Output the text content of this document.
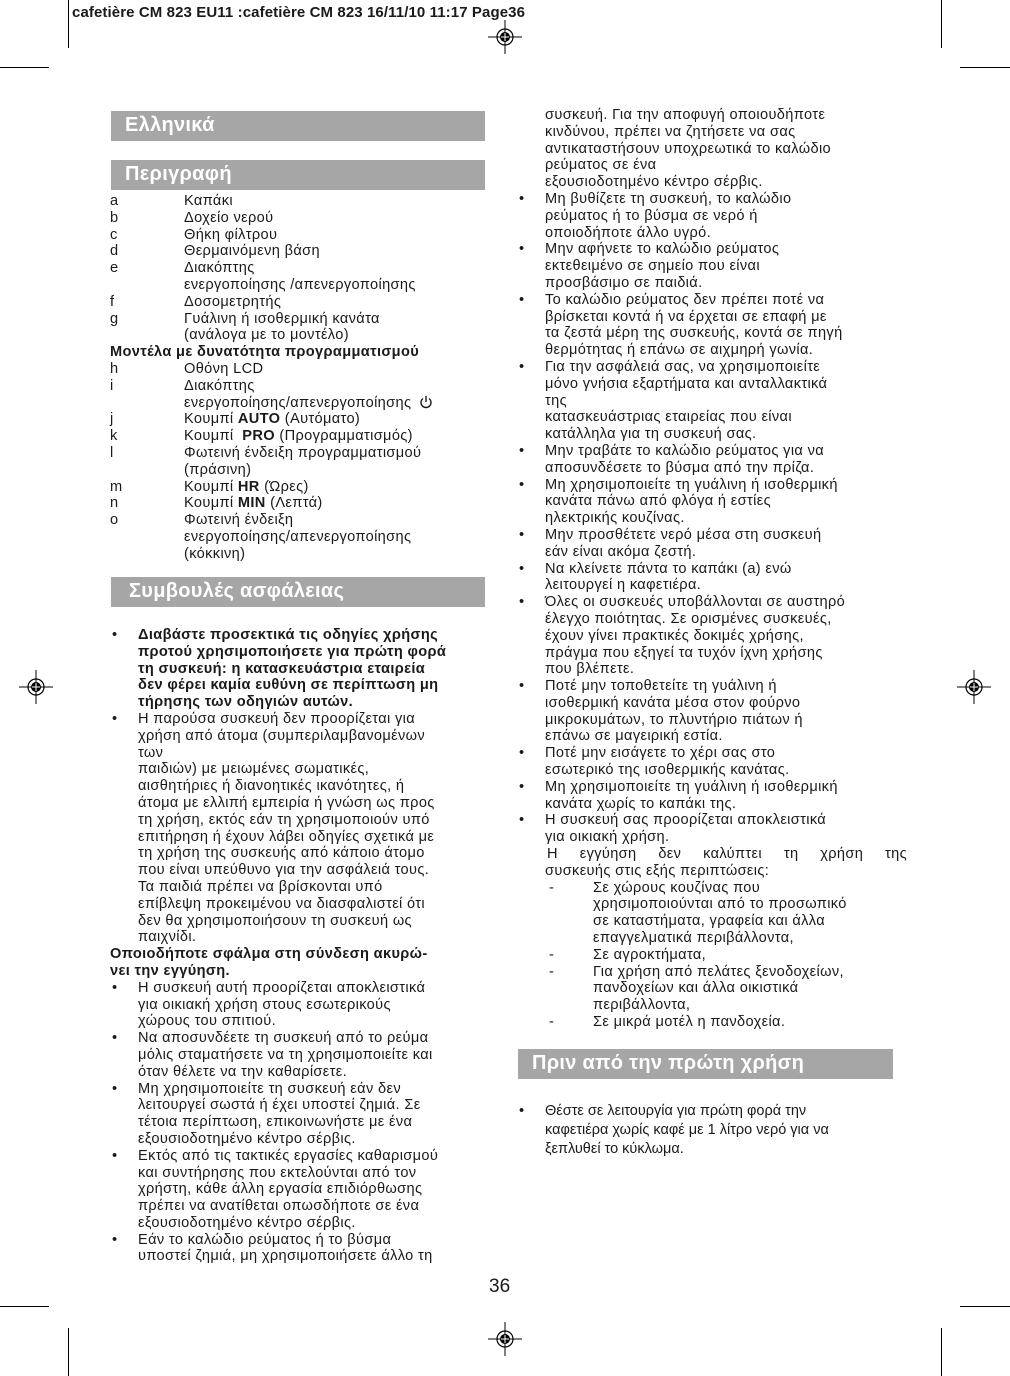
cafetière CM 823 EU11 :cafetière CM 823 16/11/10 11:17 Page36
Ελληνικά
Περιγραφή
Συμβουλές ασφάλειας
Πριν από την πρώτη χρήση
a	Καπάκι
b	Δοχείο νερού
c	Θήκη φίλτρου
d	Θερμαινόμενη βάση
e	Διακόπτης
ενεργοποίησης /απενεργοποίησης
f	Δοσομετρητής
g	Γυάλινη ή ισοθερμική κανάτα
(ανάλογα με το μοντέλο)
Μοντέλα με δυνατότητα προγραμματισμού
h	Οθόνη LCD
i	Διακόπτης
ενεργοποίησης/απενεργοποίησης
j	Κουμπί AUTO (Αυτόματο)
k	Κουμπί  PRO (Προγραμματισμός)
l	Φωτεινή ένδειξη προγραμματισμού
(πράσινη)
m	Κουμπί HR (Ώρες)
n	Κουμπί MIN (Λεπτά)
o	Φωτεινή ένδειξη
ενεργοποίησης/απενεργοποίησης
(κόκκινη)
•	Διαβάστε προσεκτικά τις οδηγίες χρήσης
προτού χρησιμοποιήσετε για πρώτη φορά
τη συσκευή: η κατασκευάστρια εταιρεία
δεν φέρει καμία ευθύνη σε περίπτωση μη
τήρησης των οδηγιών αυτών.
•	Η παρούσα συσκευή δεν προορίζεται για
χρήση από άτομα (συμπεριλαμβανομένων
των
παιδιών) με μειωμένες σωματικές,
αισθητήριες ή διανοητικές ικανότητες, ή
άτομα με ελλιπή εμπειρία ή γνώση ως προς
τη χρήση, εκτός εάν τη χρησιμοποιούν υπό
επιτήρηση ή έχουν λάβει οδηγίες σχετικά με
τη χρήση της συσκευής από κάποιο άτομο
που είναι υπεύθυνο για την ασφάλειά τους.
Τα παιδιά πρέπει να βρίσκονται υπό
επίβλεψη προκειμένου να διασφαλιστεί ότι
δεν θα χρησιμοποιήσουν τη συσκευή ως
παιχνίδι.
Οποιοδήποτε σφάλμα στη σύνδεση ακυρώ-
νει την εγγύηση.
•	Η συσκευή αυτή προορίζεται αποκλειστικά
για οικιακή χρήση στους εσωτερικούς
χώρους του σπιτιού.
•	Να αποσυνδέετε τη συσκευή από το ρεύμα
μόλις σταματήσετε να τη χρησιμοποιείτε και
όταν θέλετε να την καθαρίσετε.
•	Μη χρησιμοποιείτε τη συσκευή εάν δεν
λειτουργεί σωστά ή έχει υποστεί ζημιά. Σε
τέτοια περίπτωση, επικοινωνήστε με ένα
εξουσιοδοτημένο κέντρο σέρβις.
•	Εκτός από τις τακτικές εργασίες καθαρισμού
και συντήρησης που εκτελούνται από τον
χρήστη, κάθε άλλη εργασία επιδιόρθωσης
πρέπει να ανατίθεται οπωσδήποτε σε ένα
εξουσιοδοτημένο κέντρο σέρβις.
•	Εάν το καλώδιο ρεύματος ή το βύσμα
υποστεί ζημιά, μη χρησιμοποιήσετε άλλο τη
συσκευή. Για την αποφυγή οποιουδήποτε
κινδύνου, πρέπει να ζητήσετε να σας
αντικαταστήσουν υποχρεωτικά το καλώδιο
ρεύματος σε ένα
εξουσιοδοτημένο κέντρο σέρβις.
•	Μη βυθίζετε τη συσκευή, το καλώδιο
ρεύματος ή το βύσμα σε νερό ή
οποιοδήποτε άλλο υγρό.
•	Μην αφήνετε το καλώδιο ρεύματος
εκτεθειμένο σε σημείο που είναι
προσβάσιμο σε παιδιά.
•	Το καλώδιο ρεύματος δεν πρέπει ποτέ να
βρίσκεται κοντά ή να έρχεται σε επαφή με
τα ζεστά μέρη της συσκευής, κοντά σε πηγή
θερμότητας ή επάνω σε αιχμηρή γωνία.
•	Για την ασφάλειά σας, να χρησιμοποιείτε
μόνο γνήσια εξαρτήματα και ανταλλακτικά
της
κατασκευάστριας εταιρείας που είναι
κατάλληλα για τη συσκευή σας.
•	Μην τραβάτε το καλώδιο ρεύματος για να
αποσυνδέσετε το βύσμα από την πρίζα.
•	Μη χρησιμοποιείτε τη γυάλινη ή ισοθερμική
κανάτα πάνω από φλόγα ή εστίες
ηλεκτρικής κουζίνας.
•	Μην προσθέτετε νερό μέσα στη συσκευή
εάν είναι ακόμα ζεστή.
•	Να κλείνετε πάντα το καπάκι (a) ενώ
λειτουργεί η καφετιέρα.
•	Όλες οι συσκευές υποβάλλονται σε αυστηρό
έλεγχο ποιότητας. Σε ορισμένες συσκευές,
έχουν γίνει πρακτικές δοκιμές χρήσης,
πράγμα που εξηγεί τα τυχόν ίχνη χρήσης
που βλέπετε.
•	Ποτέ μην τοποθετείτε τη γυάλινη ή
ισοθερμική κανάτα μέσα στον φούρνο
μικροκυμάτων, το πλυντήριο πιάτων ή
επάνω σε μαγειρική εστία.
•	Ποτέ μην εισάγετε το χέρι σας στο
εσωτερικό της ισοθερμικής κανάτας.
•	Μη χρησιμοποιείτε τη γυάλινη ή ισοθερμική
κανάτα χωρίς το καπάκι της.
•	Η συσκευή σας προορίζεται αποκλειστικά
για οικιακή χρήση.
Η εγγύηση δεν καλύπτει τη χρήση της
συσκευής στις εξής περιπτώσεις:
-	Σε χώρους κουζίνας που
χρησιμοποιούνται από το προσωπικό
σε καταστήματα, γραφεία και άλλα
επαγγελματικά περιβάλλοντα,
-	Σε αγροκτήματα,
-	Για χρήση από πελάτες ξενοδοχείων,
πανδοχείων και άλλα οικιστικά
περιβάλλοντα,
-	Σε μικρά μοτέλ η πανδοχεία.
•	Θέστε σε λειτουργία για πρώτη φορά την
καφετιέρα χωρίς καφέ με 1 λίτρο νερό για να
ξεπλυθεί το κύκλωμα.
36
